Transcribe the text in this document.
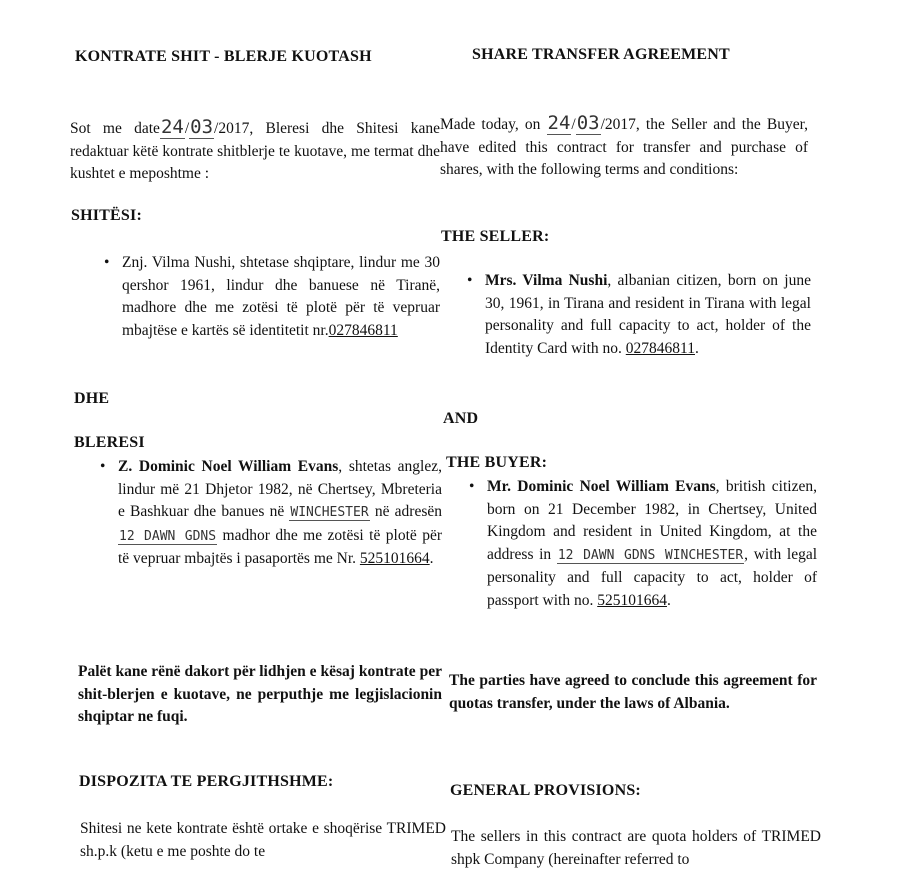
KONTRATE SHIT - BLERJE KUOTASH
Sot me date24/03/2017, Bleresi dhe Shitesi kane redaktuar këtë kontrate shitblerje te kuotave, me termat dhe kushtet e meposhtme :
SHITËSI:
• Znj. Vilma Nushi, shtetase shqiptare, lindur me 30 qershor 1961, lindur dhe banuese në Tiranë, madhore dhe me zotësi të plotë për të vepruar mbajtëse e kartës së identitetit nr.027846811
DHE
BLERESI
• Z. Dominic Noel William Evans, shtetas anglez, lindur më 21 Dhjetor 1982, në Chertsey, Mbreteria e Bashkuar dhe banues në WINCHESTER në adresën 12 DAWN GDNS madhor dhe me zotësi të plotë për të vepruar mbajtës i pasaportës me Nr. 525101664.
Palët kane rënë dakort për lidhjen e kësaj kontrate per shit-blerjen e kuotave, ne perputhje me legjislacionin shqiptar ne fuqi.
DISPOZITA TE PERGJITHSHME:
Shitesi ne kete kontrate është ortake e shoqërise TRIMED sh.p.k (ketu e me poshte do te
SHARE TRANSFER AGREEMENT
Made today, on 24/03/2017, the Seller and the Buyer, have edited this contract for transfer and purchase of shares, with the following terms and conditions:
THE SELLER:
• Mrs. Vilma Nushi, albanian citizen, born on june 30, 1961, in Tirana and resident in Tirana with legal personality and full capacity to act, holder of the Identity Card with no. 027846811.
AND
THE BUYER:
• Mr. Dominic Noel William Evans, british citizen, born on 21 December 1982, in Chertsey, United Kingdom and resident in United Kingdom, at the address in 12 DAWN GDNS WINCHESTER, with legal personality and full capacity to act, holder of passport with no. 525101664.
The parties have agreed to conclude this agreement for quotas transfer, under the laws of Albania.
GENERAL PROVISIONS:
The sellers in this contract are quota holders of TRIMED shpk Company (hereinafter referred to
